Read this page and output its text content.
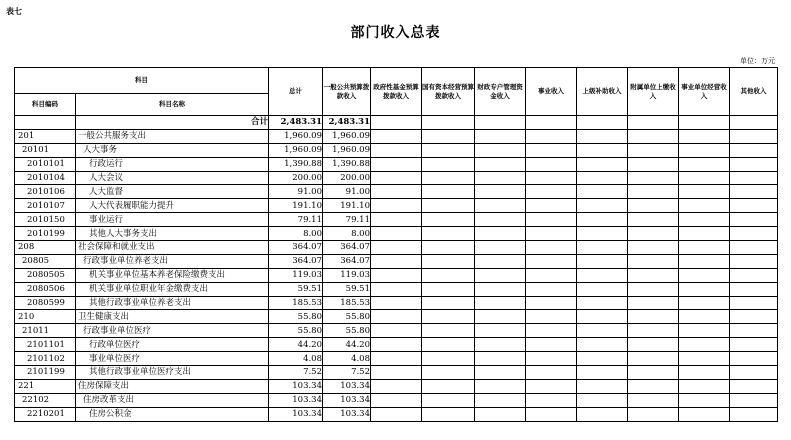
表七
部门收入总表
单位：万元
科目		总计	一般公共预算拨款收入	政府性基金预算拨款收入	国有资本经营预算拨款收入	财政专户管理资金收入	事业收入	上级补助收入	附属单位上缴收入	事业单位经营收入	其他收入
科目编码	科目名称										
	合计	2,483.31	2,483.31								
201	一般公共服务支出	1,960.09	1,960.09								
20101	人大事务	1,960.09	1,960.09								
2010101	行政运行	1,390.88	1,390.88								
2010104	人大会议	200.00	200.00								
2010106	人大监督	91.00	91.00								
2010107	人大代表履职能力提升	191.10	191.10								
2010150	事业运行	79.11	79.11								
2010199	其他人大事务支出	8.00	8.00								
208	社会保障和就业支出	364.07	364.07								
20805	行政事业单位养老支出	364.07	364.07								
2080505	机关事业单位基本养老保险缴费支出	119.03	119.03								
2080506	机关事业单位职业年金缴费支出	59.51	59.51								
2080599	其他行政事业单位养老支出	185.53	185.53								
210	卫生健康支出	55.80	55.80								
21011	行政事业单位医疗	55.80	55.80								
2101101	行政单位医疗	44.20	44.20								
2101102	事业单位医疗	4.08	4.08								
2101199	其他行政事业单位医疗支出	7.52	7.52								
221	住房保障支出	103.34	103.34								
22102	住房改革支出	103.34	103.34								
2210201	住房公积金	103.34	103.34								
